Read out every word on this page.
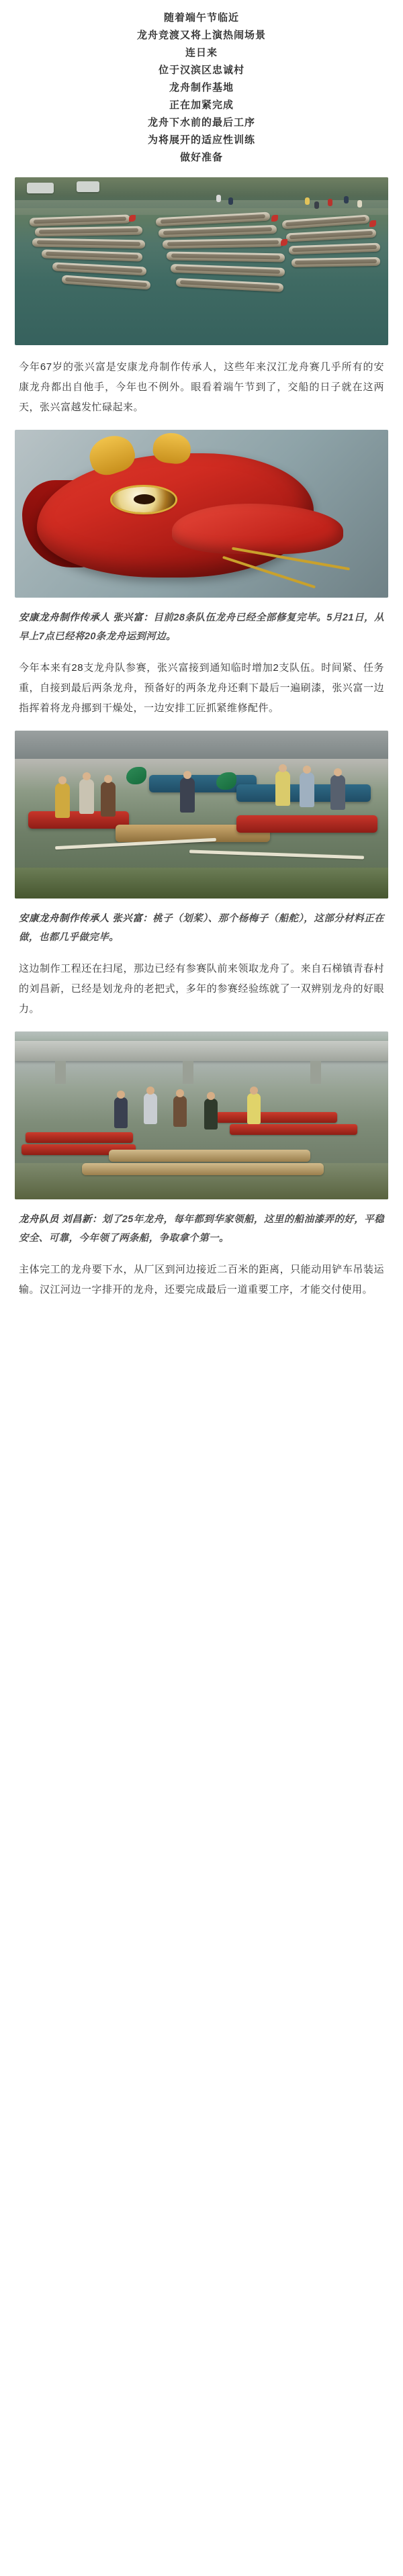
随着端午节临近
龙舟竞渡又将上演热闹场景
连日来
位于汉滨区忠诚村
龙舟制作基地
正在加紧完成
龙舟下水前的最后工序
为将展开的适应性训练
做好准备

今年67岁的张兴富是安康龙舟制作传承人，这些年来汉江龙舟赛几乎所有的安康龙舟都出自他手，今年也不例外。眼看着端午节到了，交船的日子就在这两天，张兴富越发忙碌起来。

安康龙舟制作传承人 张兴富：目前28条队伍龙舟已经全部修复完毕。5月21日，从早上7点已经将20条龙舟运到河边。

今年本来有28支龙舟队参赛，张兴富接到通知临时增加2支队伍。时间紧、任务重，自接到最后两条龙舟，预备好的两条龙舟还剩下最后一遍刷漆，张兴富一边指挥着将龙舟挪到干燥处，一边安排工匠抓紧维修配件。

安康龙舟制作传承人 张兴富：桃子（划桨）、那个杨梅子（船舵），这部分材料正在做，也都几乎做完毕。

这边制作工程还在扫尾，那边已经有参赛队前来领取龙舟了。来自石梯镇青春村的刘昌新，已经是划龙舟的老把式，多年的参赛经验练就了一双辨别龙舟的好眼力。

龙舟队员 刘昌新：划了25年龙舟，每年都到华家领船，这里的船油漆弄的好，平稳安全、可靠，今年领了两条船，争取拿个第一。

主体完工的龙舟要下水，从厂区到河边接近二百米的距离，只能动用铲车吊装运输。汉江河边一字排开的龙舟，还要完成最后一道重要工序，才能交付使用。
